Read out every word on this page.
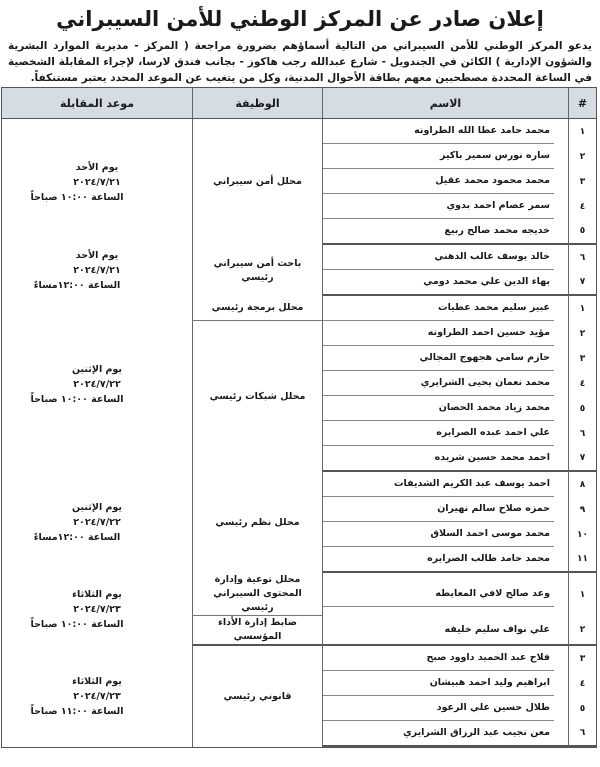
إعلان صادر عن المركز الوطني للأمن السيبراني
يدعو المركز الوطني للأمن السيبراني من التالية أسماؤهم بضرورة مراجعة ( المركز - مديرية الموارد البشرية والشؤون الإدارية ) الكائن في الجندويل - شارع عبدالله رجب هاكوز - بجانب فندق لارسا، لإجراء المقابلة الشخصية في الساعة المحددة مصطحبين معهم بطاقة الأحوال المدنية، وكل من يتغيب عن الموعد المحدد يعتبر مستنكفاً.
#	الاسم	الوظيفة	موعد المقابلة
١	محمد حامد عطا الله الطراونه	محلل أمن سيبراني	يوم الأحد
٢٠٢٤/٧/٢١
الساعة ١٠:٠٠ صباحاً

٢	ساره نورس سمير باكير		

٣	محمد محمود محمد عقيل		

٤	سمر عصام احمد بدوي		

٥	خديجه محمد صالح ربيع		

٦	خالد يوسف غالب الدهني	باحث أمن سيبراني رئيسي	يوم الأحد
٢٠٢٤/٧/٢١
الساعة ١٢:٠٠مساءً

٧	بهاء الدين علي محمد دومي		

١	عبير سليم محمد عطيات	محلل برمجة رئيسي	يوم الإثنين
٢٠٢٤/٧/٢٢
الساعة ١٠:٠٠ صباحاً

٢	مؤيد حسين احمد الطراونه	محلل شبكات رئيسي	

٣	حازم سامي هجهوج المجالي		

٤	محمد نعمان يحيى الشرايري		

٥	محمد زياد محمد الحصان		

٦	علي احمد عبده الصرايره		

٧	احمد محمد حسين شريده		

٨	احمد يوسف عبد الكريم الشديفات	محلل نظم رئيسي	يوم الإثنين
٢٠٢٤/٧/٢٢
الساعة ١٢:٠٠مساءً

٩	حمزه صلاح سالم نهيران		

١٠	محمد موسى احمد السلاق		

١١	محمد حامد طالب الصرايره		

١	وعد صالح لافي المعايطه	محلل توعية وإدارة المحتوى السيبراني رئيسي	يوم الثلاثاء
٢٠٢٤/٧/٢٣
الساعة ١٠:٠٠ صباحاً

٢	علي نواف سليم خليفه	ضابط إدارة الأداء المؤسسي	

٣	فلاح عبد الحميد داوود صبح	قانوني رئيسي	يوم الثلاثاء
٢٠٢٤/٧/٢٣
الساعة ١١:٠٠ صباحاً

٤	ابراهيم وليد احمد هبيشان		

٥	طلال حسين علي الرعود		

٦	معن نجيب عبد الرزاق الشرايري		
